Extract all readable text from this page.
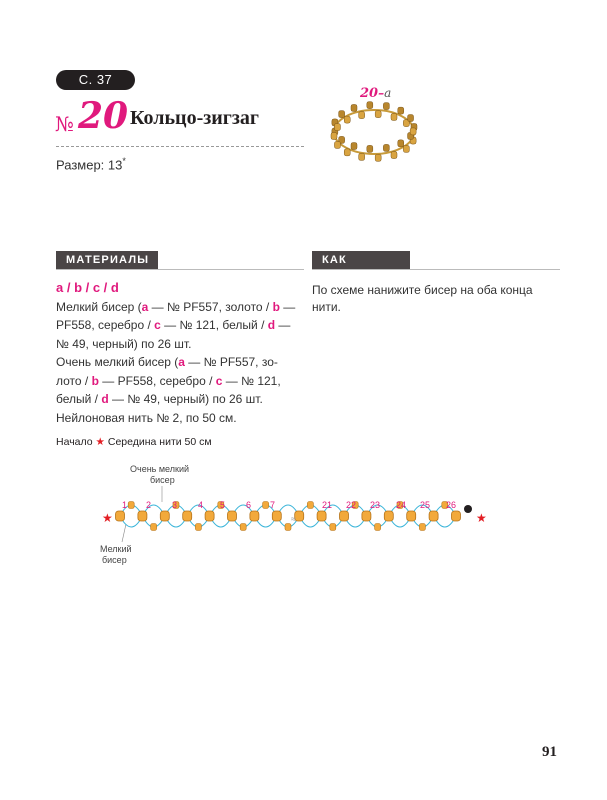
С. 37
№ 20 Кольцо-зигзаг
Размер: 13*
20–a
МАТЕРИАЛЫ
a / b / c / d
Мелкий бисер (a — № PF557, золото / b — PF558, серебро / c — № 121, белый / d — № 49, черный) по 26 шт.
Очень мелкий бисер (a — № PF557, зо-лото / b — PF558, серебро / c — № 121, белый / d — № 49, черный) по 26 шт.
Нейлоновая нить № 2, по 50 см.
КАК СДЕЛАТЬ
По схеме нанижите бисер на оба конца нити.
Начало ★ Середина нити 50 см
Очень мелкий
бисер
Мелкий
бисер
1 2 3 4 5 6 7	21 22 23 24 25 26
★	★
≈
91
